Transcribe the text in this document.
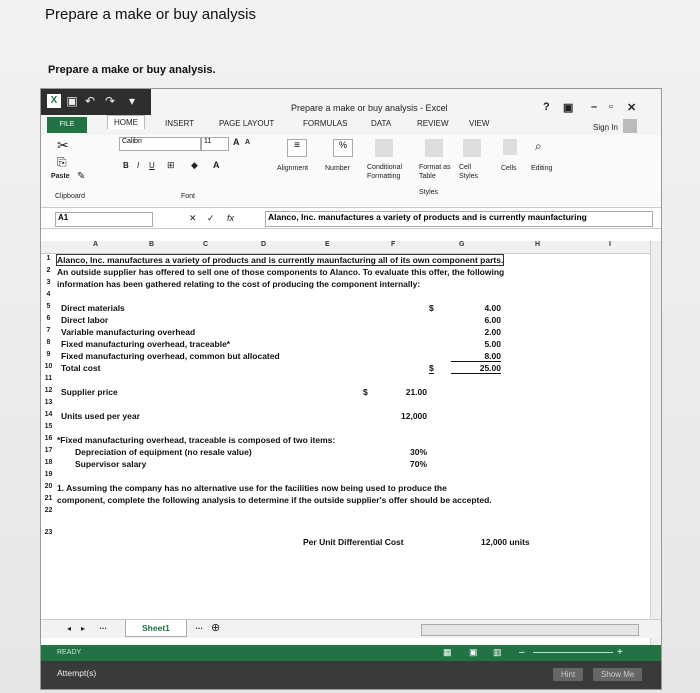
Prepare a make or buy analysis
Prepare a make or buy analysis.
X ▣ ↶ ↷	▾	Prepare a make or buy analysis - Excel	? ▣ – ▫ ✕
FILE	HOME	INSERT	PAGE LAYOUT	FORMULAS	DATA	REVIEW	VIEW	Sign In
✂
⎘
Paste ✎
Clipboard
Calibri	11	A A
B I U ⊞ ◆ A
Font
≡	%
Alignment Number Conditional Formatting
Format as Table
Cell Styles
Styles
Cells
⌕
Editing
A1	✕ ✓ fx	Alanco, Inc. manufactures a variety of products and is currently maunfacturing
A	B	C	D	E	F	G	H	I
1 Alanco, Inc. manufactures a variety of products and is currently maunfacturing all of its own component parts.
2 An outside supplier has offered to sell one of those components to Alanco. To evaluate this offer, the following
3 information has been gathered relating to the cost of producing the component internally:
4
5	Direct materials	$	4.00
6	Direct labor	6.00
7	Variable manufacturing overhead	2.00
8	Fixed manufacturing overhead, traceable*	5.00
9	Fixed manufacturing overhead, common but allocated	8.00
10	Total cost	$	25.00
11
12	Supplier price	$	21.00
13
14	Units used per year	12,000
15
16 *Fixed manufacturing overhead, traceable is composed of two items:
17	Depreciation of equipment (no resale value)	30%
18	Supervisor salary	70%
19
20 1. Assuming the company has no alternative use for the facilities now being used to produce the
21 component, complete the following analysis to determine if the outside supplier's offer should be accepted.
22
23
Per Unit Differential Cost	12,000 units
◂ ▸ …	Sheet1	… ⊕
READY	▦ ▣ ▥ –	+
Attempt(s)	Hint	Show Me
